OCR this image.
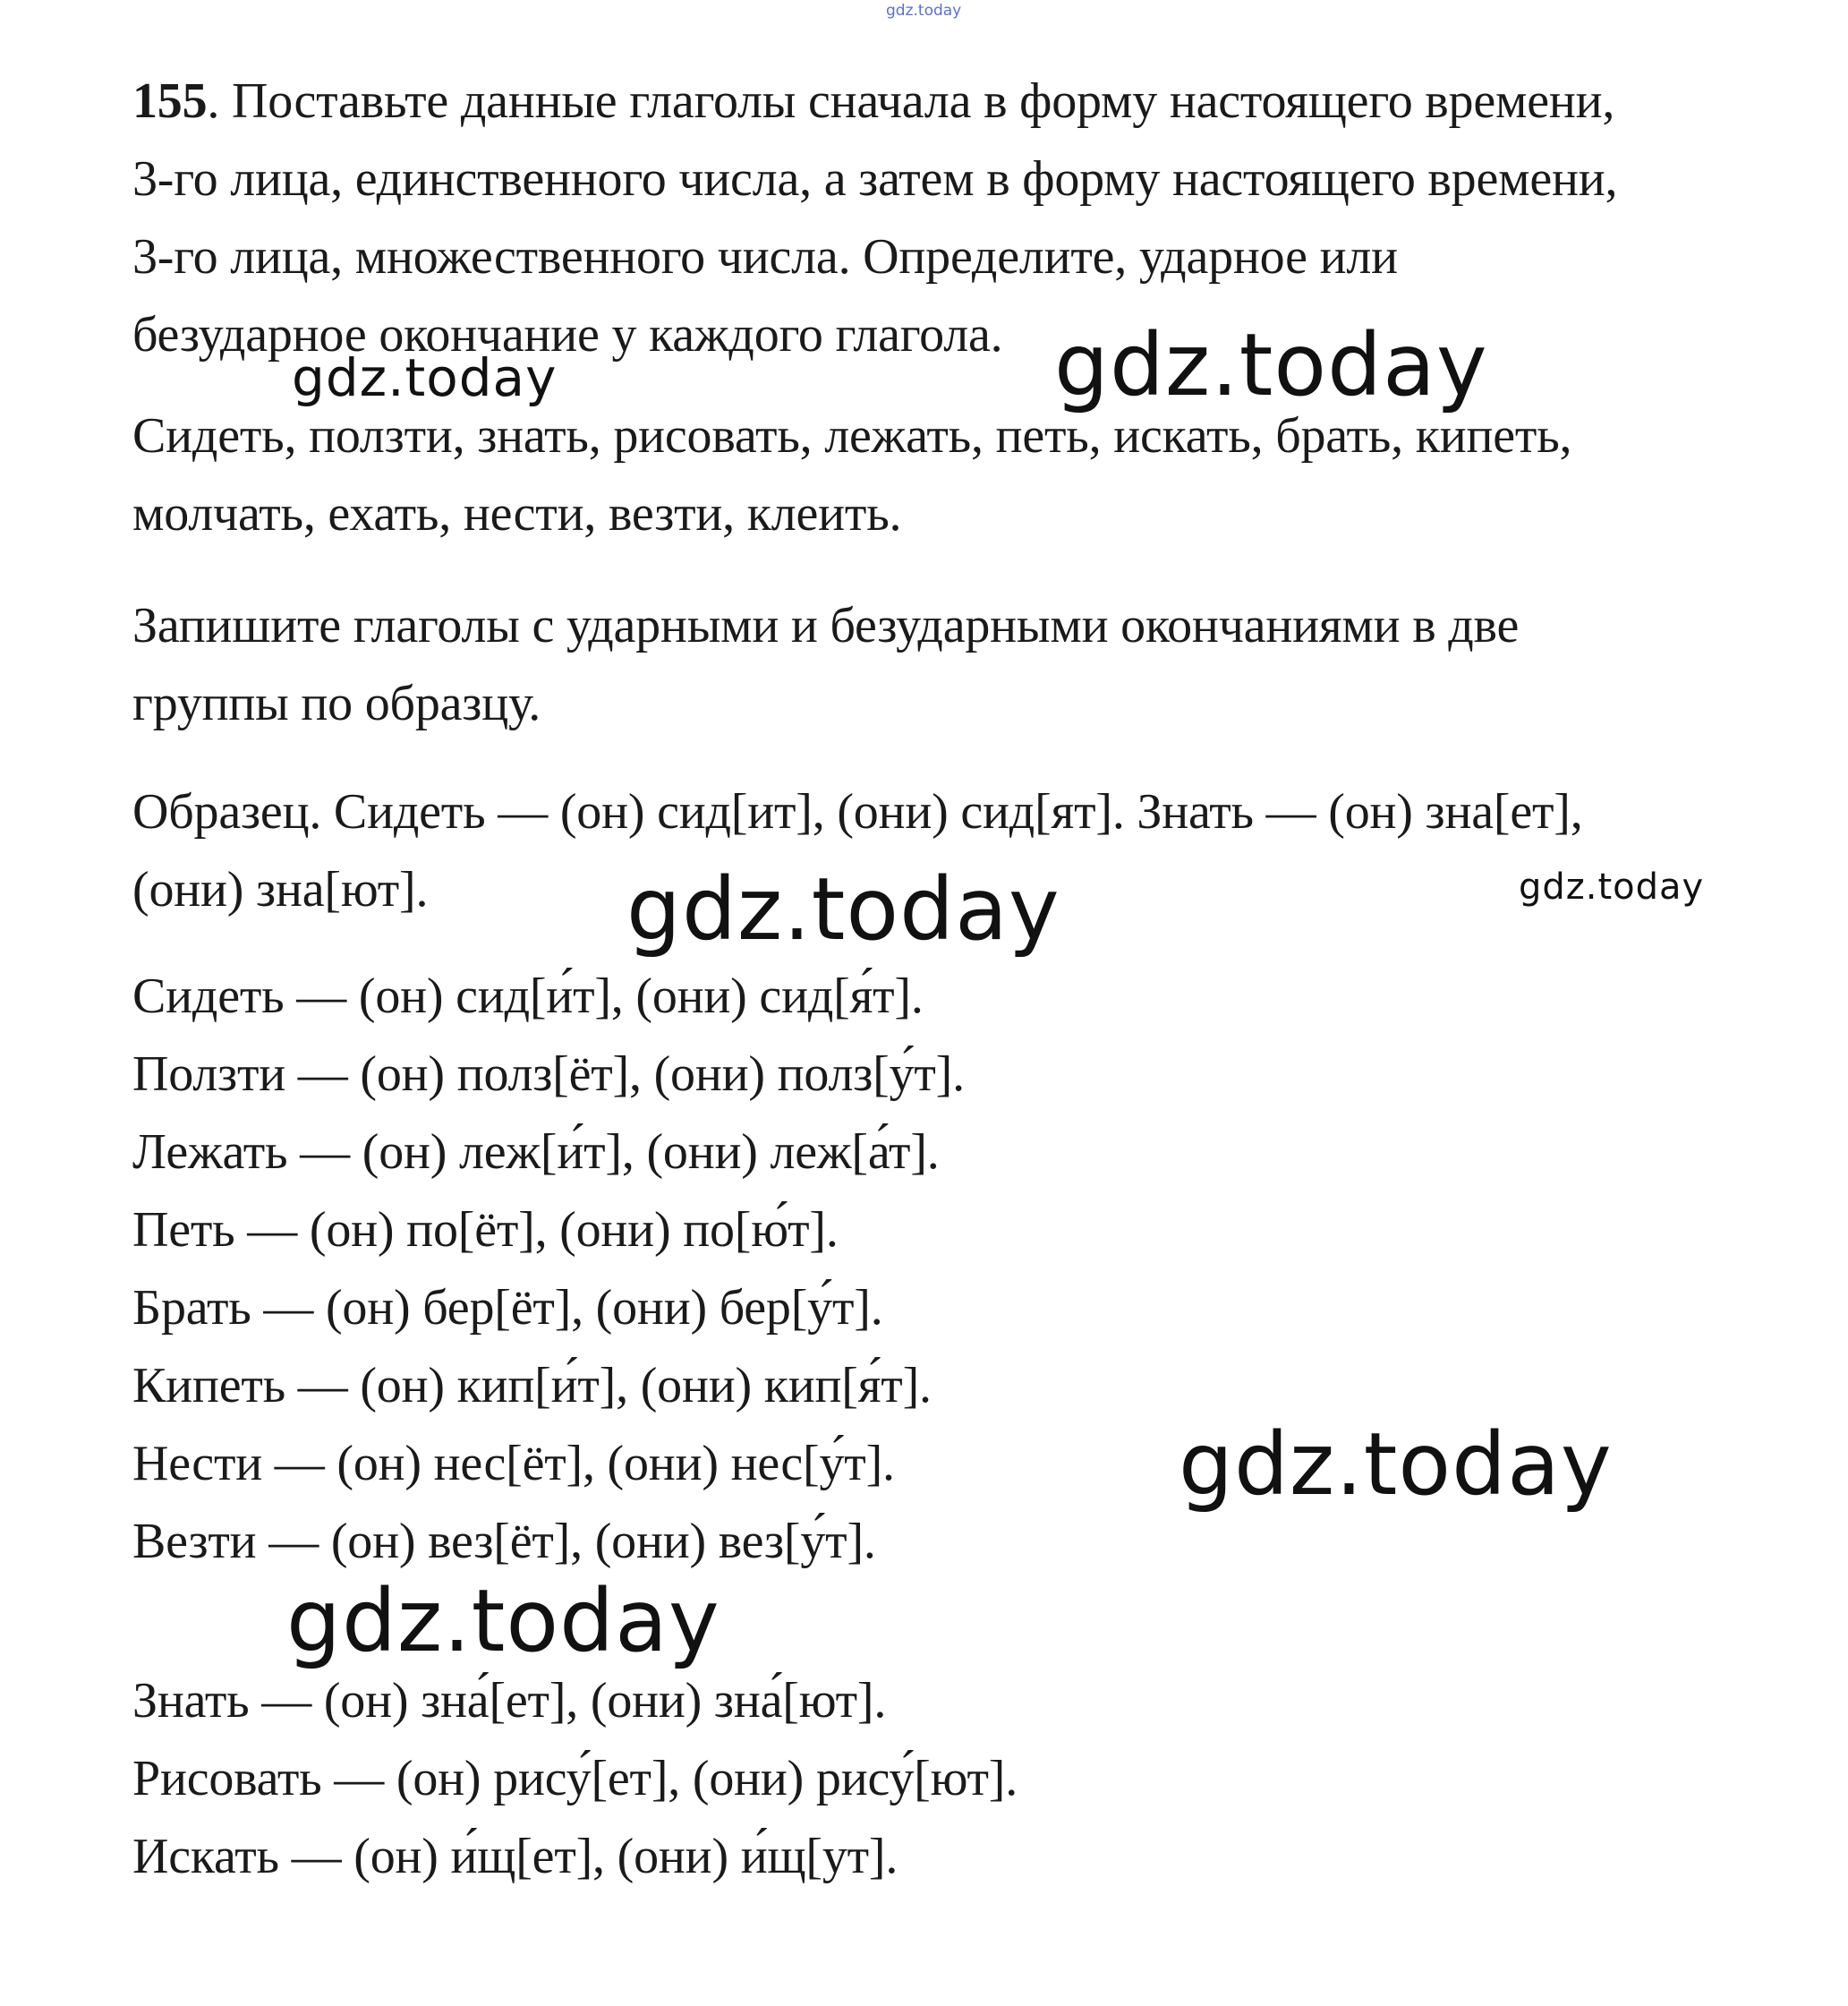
gdz.today
155. Поставьте данные глаголы сначала в форму настоящего времени,
3-го лица, единственного числа, а затем в форму настоящего времени,
3-го лица, множественного числа. Определите, ударное или
безударное окончание у каждого глагола.
Сидеть, ползти, знать, рисовать, лежать, петь, искать, брать, кипеть,
молчать, ехать, нести, везти, клеить.
Запишите глаголы с ударными и безударными окончаниями в две
группы по образцу.
Образец. Сидеть — (он) сид[ит], (они) сид[ят]. Знать — (он) зна[ет],
(они) зна[ют].
Сидеть — (он) сид[и́т], (они) сид[я́т].
Ползти — (он) полз[ёт], (они) полз[у́т].
Лежать — (он) леж[и́т], (они) леж[а́т].
Петь — (он) по[ёт], (они) по[ю́т].
Брать — (он) бер[ёт], (они) бер[у́т].
Кипеть — (он) кип[и́т], (они) кип[я́т].
Нести — (он) нес[ёт], (они) нес[у́т].
Везти — (он) вез[ёт], (они) вез[у́т].
Знать — (он) зна́[ет], (они) зна́[ют].
Рисовать — (он) рису́[ет], (они) рису́[ют].
Искать — (он) и́щ[ет], (они) и́щ[ут].
gdz.today	gdz.today
gdz.today	gdz.today
gdz.today
gdz.today
